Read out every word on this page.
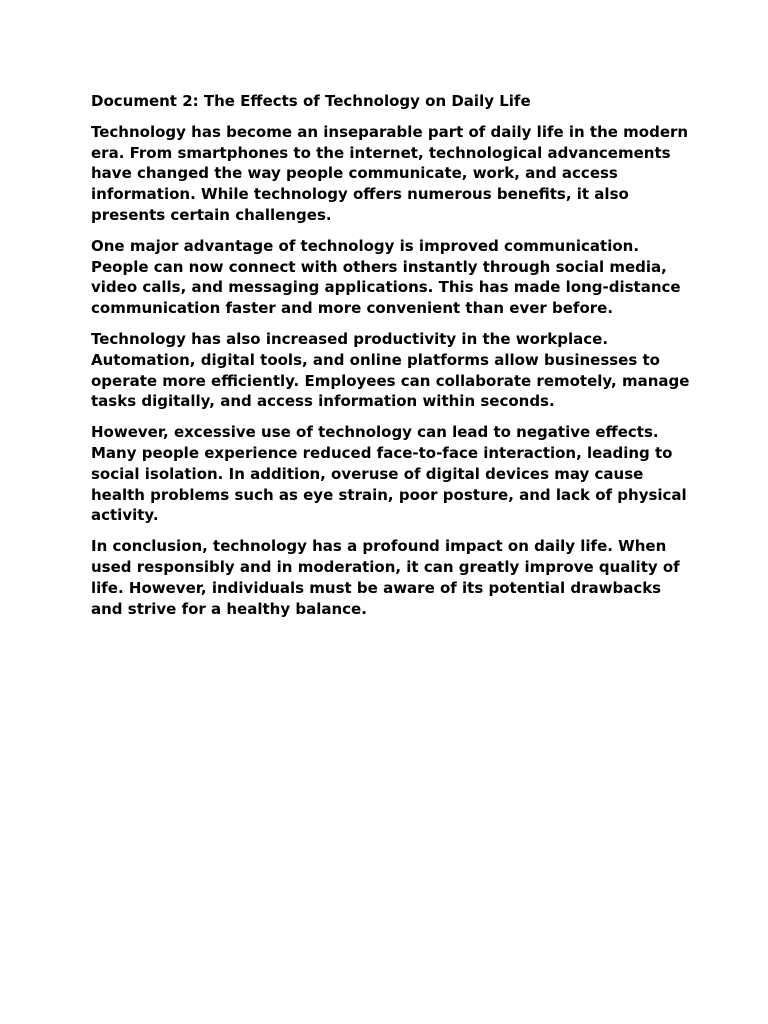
Document 2: The Effects of Technology on Daily Life

Technology has become an inseparable part of daily life in the modern era. From smartphones to the internet, technological advancements have changed the way people communicate, work, and access information. While technology offers numerous benefits, it also presents certain challenges.

One major advantage of technology is improved communication. People can now connect with others instantly through social media, video calls, and messaging applications. This has made long-distance communication faster and more convenient than ever before.

Technology has also increased productivity in the workplace. Automation, digital tools, and online platforms allow businesses to operate more efficiently. Employees can collaborate remotely, manage tasks digitally, and access information within seconds.

However, excessive use of technology can lead to negative effects. Many people experience reduced face-to-face interaction, leading to social isolation. In addition, overuse of digital devices may cause health problems such as eye strain, poor posture, and lack of physical activity.

In conclusion, technology has a profound impact on daily life. When used responsibly and in moderation, it can greatly improve quality of life. However, individuals must be aware of its potential drawbacks and strive for a healthy balance.
